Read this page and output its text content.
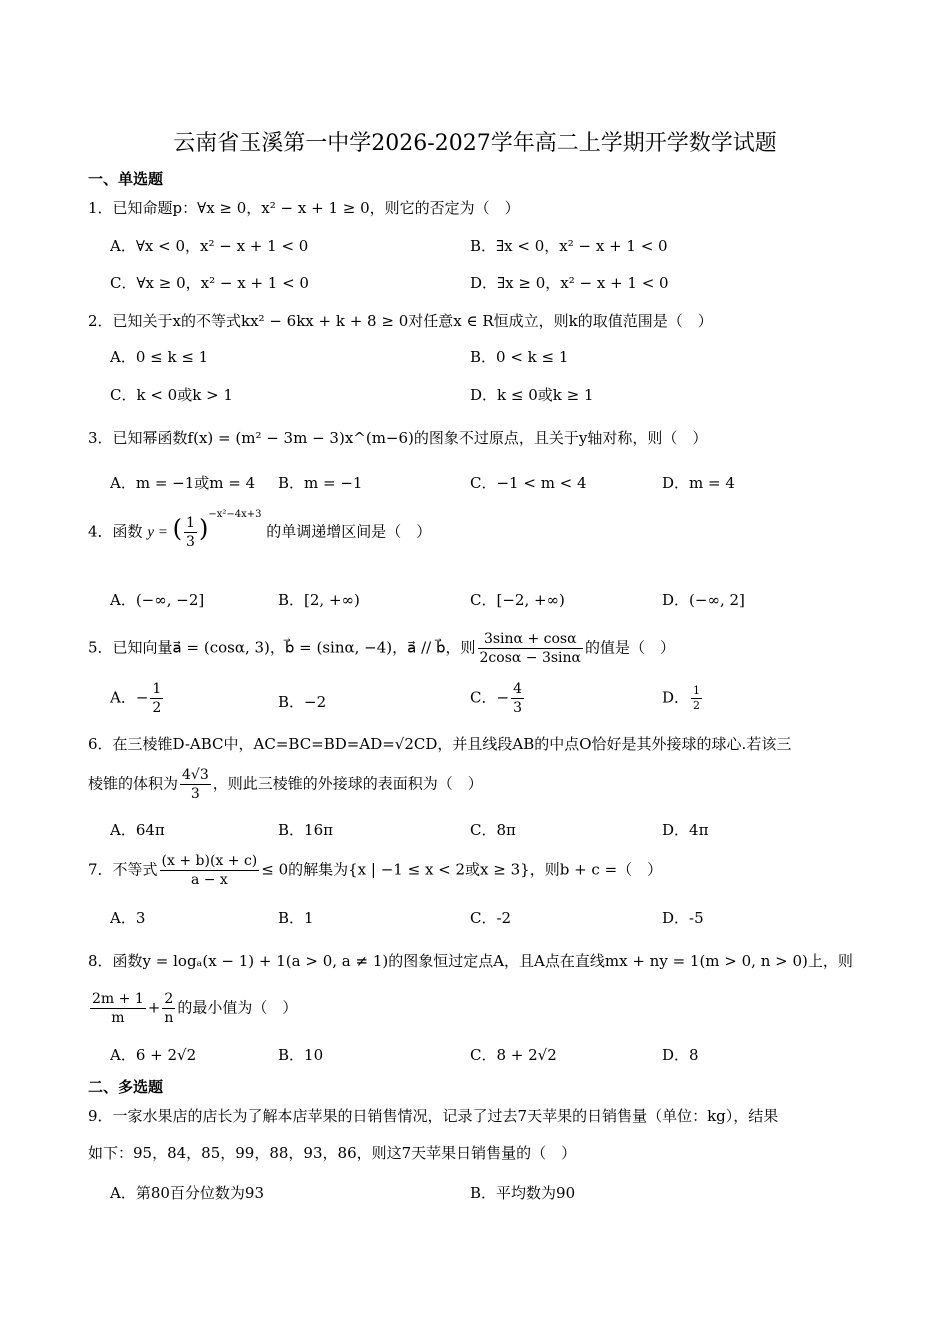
云南省玉溪第一中学2026-2027学年高二上学期开学数学试题
一、单选题
1．已知命题p：∀x ≥ 0，x² − x + 1 ≥ 0，则它的否定为（　）
A．∀x < 0，x² − x + 1 < 0	B．∃x < 0，x² − x + 1 < 0
C．∀x ≥ 0，x² − x + 1 < 0	D．∃x ≥ 0，x² − x + 1 < 0
2．已知关于x的不等式kx² − 6kx + k + 8 ≥ 0对任意x ∈ R恒成立，则k的取值范围是（　）
A．0 ≤ k ≤ 1	B．0 < k ≤ 1
C．k < 0或k > 1	D．k ≤ 0或k ≥ 1
3．已知幂函数f(x) = (m² − 3m − 3)x^(m−6)的图象不过原点，且关于y轴对称，则（　）
A．m = −1或m = 4 B．m = −1	C．−1 < m < 4	D．m = 4
4．函数 y = ( $\frac{1}{3} )^{-x^2-4x+3}$ 的单调递增区间是（　）
A．(−∞, −2]	B．[2, +∞)	C．[−2, +∞)	D．(−∞, 2]
5．已知向量a⃗ = (cosα, 3)，b⃗ = (sinα, −4)，a⃗ // b⃗，则 $\frac{3\sin\alpha + \cos\alpha}{2\cos\alpha - 3\sin\alpha}$ 的值是（　）
A．− $\frac{1}{2}$	B．−2	C．− $\frac{4}{3}$	D． $\frac{1}{2}$
6．在三棱锥D-ABC中，AC=BC=BD=AD=√2CD，并且线段AB的中点O恰好是其外接球的球心.若该三
棱锥的体积为 $\frac{4√3}{3}$ ，则此三棱锥的外接球的表面积为（　）
A．64π	B．16π	C．8π	D．4π
7．不等式 $\frac{(x + b)(x + c)}{a - x} \le 0$的解集为{x | −1 ≤ x < 2或x ≥ 3}，则b + c =（　）
A．3	B．1	C．-2	D．-5
8．函数y = logₐ(x − 1) + 1(a > 0, a ≠ 1)的图象恒过定点A，且A点在直线mx + ny = 1(m > 0, n > 0)上，则
$\frac{2m + 1}{m} + \frac{2}{n}$ 的最小值为（　）
A．6 + 2√2	B．10	C．8 + 2√2	D．8
二、多选题
9．一家水果店的店长为了解本店苹果的日销售情况，记录了过去7天苹果的日销售量（单位：kg），结果
如下：95，84，85，99，88，93，86，则这7天苹果日销售量的（　）
A．第80百分位数为93	B．平均数为90
